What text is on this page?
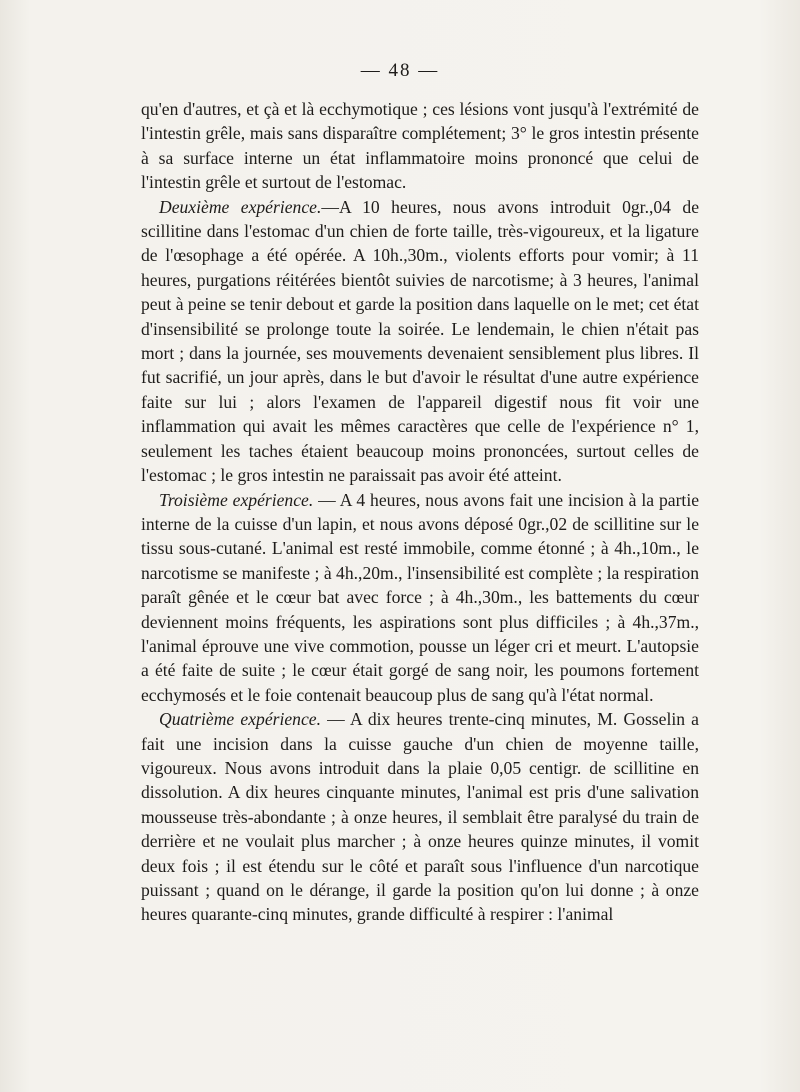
— 48 —

qu'en d'autres, et çà et là ecchymotique ; ces lésions vont jusqu'à l'extrémité de l'intestin grêle, mais sans disparaître complétement; 3° le gros intestin présente à sa surface interne un état inflammatoire moins prononcé que celui de l'intestin grêle et surtout de l'estomac.

Deuxième expérience.—A 10 heures, nous avons introduit 0gr.,04 de scillitine dans l'estomac d'un chien de forte taille, très-vigoureux, et la ligature de l'œsophage a été opérée. A 10h.,30m., violents efforts pour vomir; à 11 heures, purgations réitérées bientôt suivies de narcotisme; à 3 heures, l'animal peut à peine se tenir debout et garde la position dans laquelle on le met; cet état d'insensibilité se prolonge toute la soirée. Le lendemain, le chien n'était pas mort ; dans la journée, ses mouvements devenaient sensiblement plus libres. Il fut sacrifié, un jour après, dans le but d'avoir le résultat d'une autre expérience faite sur lui ; alors l'examen de l'appareil digestif nous fit voir une inflammation qui avait les mêmes caractères que celle de l'expérience n° 1, seulement les taches étaient beaucoup moins prononcées, surtout celles de l'estomac ; le gros intestin ne paraissait pas avoir été atteint.

Troisième expérience. — A 4 heures, nous avons fait une incision à la partie interne de la cuisse d'un lapin, et nous avons déposé 0gr.,02 de scillitine sur le tissu sous-cutané. L'animal est resté immobile, comme étonné ; à 4h.,10m., le narcotisme se manifeste ; à 4h.,20m., l'insensibilité est complète ; la respiration paraît gênée et le cœur bat avec force ; à 4h.,30m., les battements du cœur deviennent moins fréquents, les aspirations sont plus difficiles ; à 4h.,37m., l'animal éprouve une vive commotion, pousse un léger cri et meurt. L'autopsie a été faite de suite ; le cœur était gorgé de sang noir, les poumons fortement ecchymosés et le foie contenait beaucoup plus de sang qu'à l'état normal.

Quatrième expérience. — A dix heures trente-cinq minutes, M. Gosselin a fait une incision dans la cuisse gauche d'un chien de moyenne taille, vigoureux. Nous avons introduit dans la plaie 0,05 centigr. de scillitine en dissolution. A dix heures cinquante minutes, l'animal est pris d'une salivation mousseuse très-abondante ; à onze heures, il semblait être paralysé du train de derrière et ne voulait plus marcher ; à onze heures quinze minutes, il vomit deux fois ; il est étendu sur le côté et paraît sous l'influence d'un narcotique puissant ; quand on le dérange, il garde la position qu'on lui donne ; à onze heures quarante-cinq minutes, grande difficulté à respirer : l'animal
